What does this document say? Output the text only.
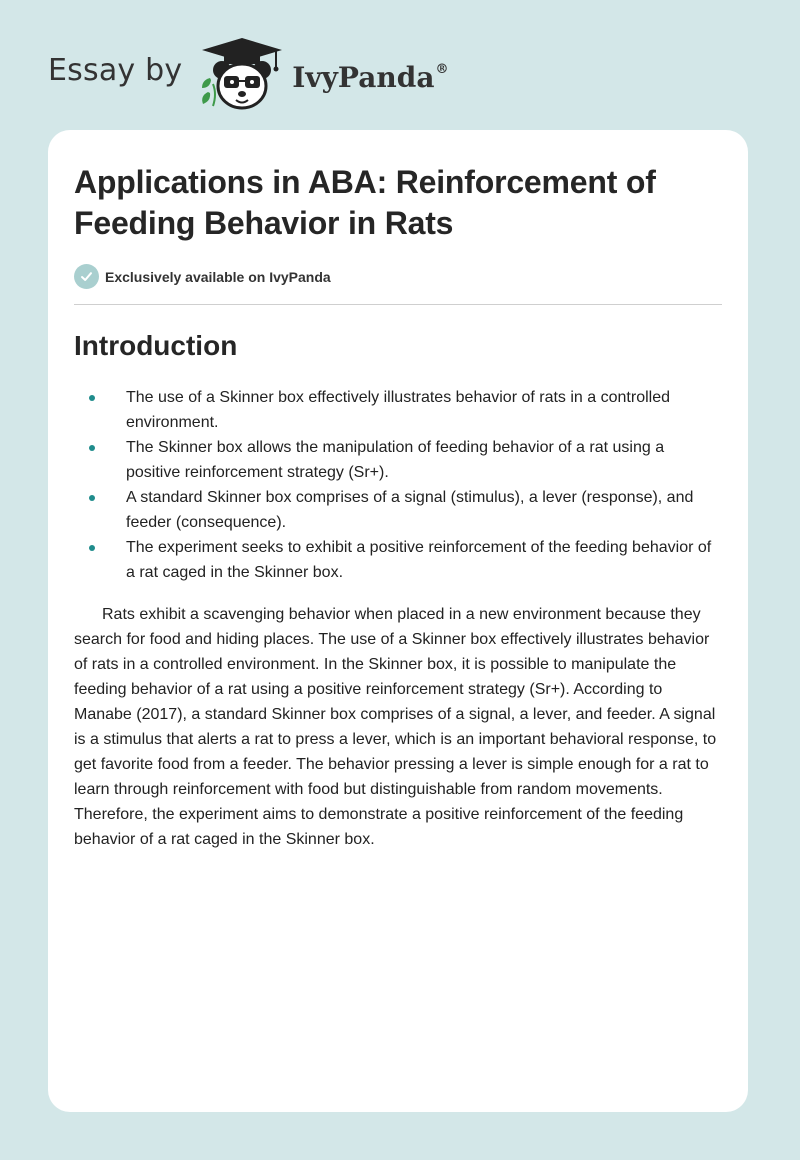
Essay by	IvyPanda®
Applications in ABA: Reinforcement of Feeding Behavior in Rats
Exclusively available on IvyPanda
Introduction
The use of a Skinner box effectively illustrates behavior of rats in a controlled environment.
The Skinner box allows the manipulation of feeding behavior of a rat using a positive reinforcement strategy (Sr+).
A standard Skinner box comprises of a signal (stimulus), a lever (response), and feeder (consequence).
The experiment seeks to exhibit a positive reinforcement of the feeding behavior of a rat caged in the Skinner box.

Rats exhibit a scavenging behavior when placed in a new environment because they search for food and hiding places. The use of a Skinner box effectively illustrates behavior of rats in a controlled environment. In the Skinner box, it is possible to manipulate the feeding behavior of a rat using a positive reinforcement strategy (Sr+). According to Manabe (2017), a standard Skinner box comprises of a signal, a lever, and feeder. A signal is a stimulus that alerts a rat to press a lever, which is an important behavioral response, to get favorite food from a feeder. The behavior pressing a lever is simple enough for a rat to learn through reinforcement with food but distinguishable from random movements. Therefore, the experiment aims to demonstrate a positive reinforcement of the feeding behavior of a rat caged in the Skinner box.
